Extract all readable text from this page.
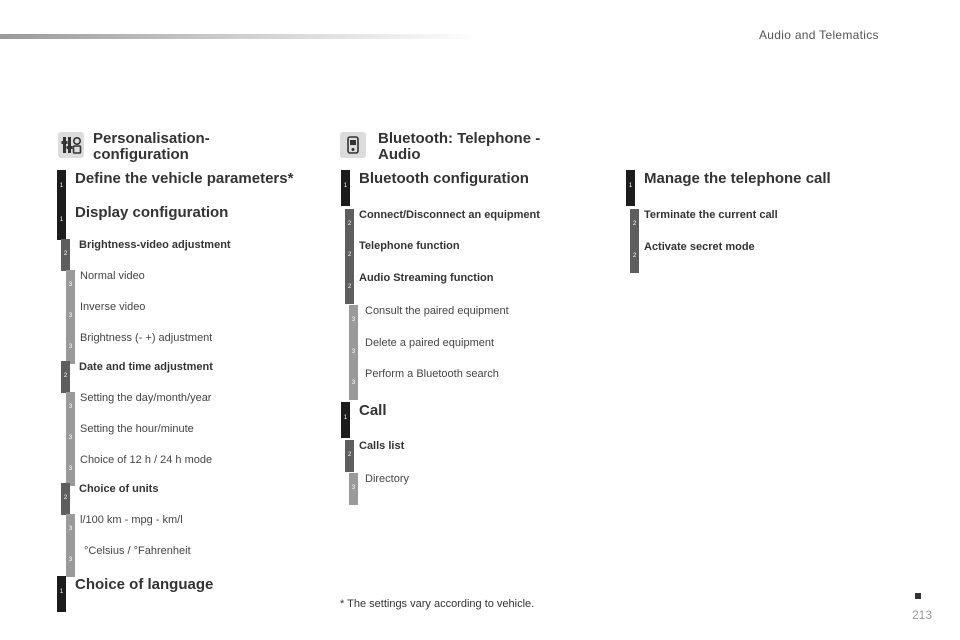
Audio and Telematics
Personalisation-
configuration
Bluetooth: Telephone -
Audio
1 Define the vehicle parameters*
1 Display configuration
2
Brightness-video adjustment
3
Normal video
3
Inverse video
3
Brightness (- +) adjustment
2
Date and time adjustment
3
Setting the day/month/year
3
Setting the hour/minute
3
Choice of 12 h / 24 h mode
2
Choice of units
3
l/100 km - mpg - km/l
3
°Celsius / °Fahrenheit
1 Choice of language
1 Bluetooth configuration
2
Connect/Disconnect an equipment
2
Telephone function
2
Audio Streaming function
3
Consult the paired equipment
3
Delete a paired equipment
3
Perform a Bluetooth search
1 Call
2
Calls list
3
Directory
1 Manage the telephone call
2
Terminate the current call
2
Activate secret mode
* The settings vary according to vehicle.
213
